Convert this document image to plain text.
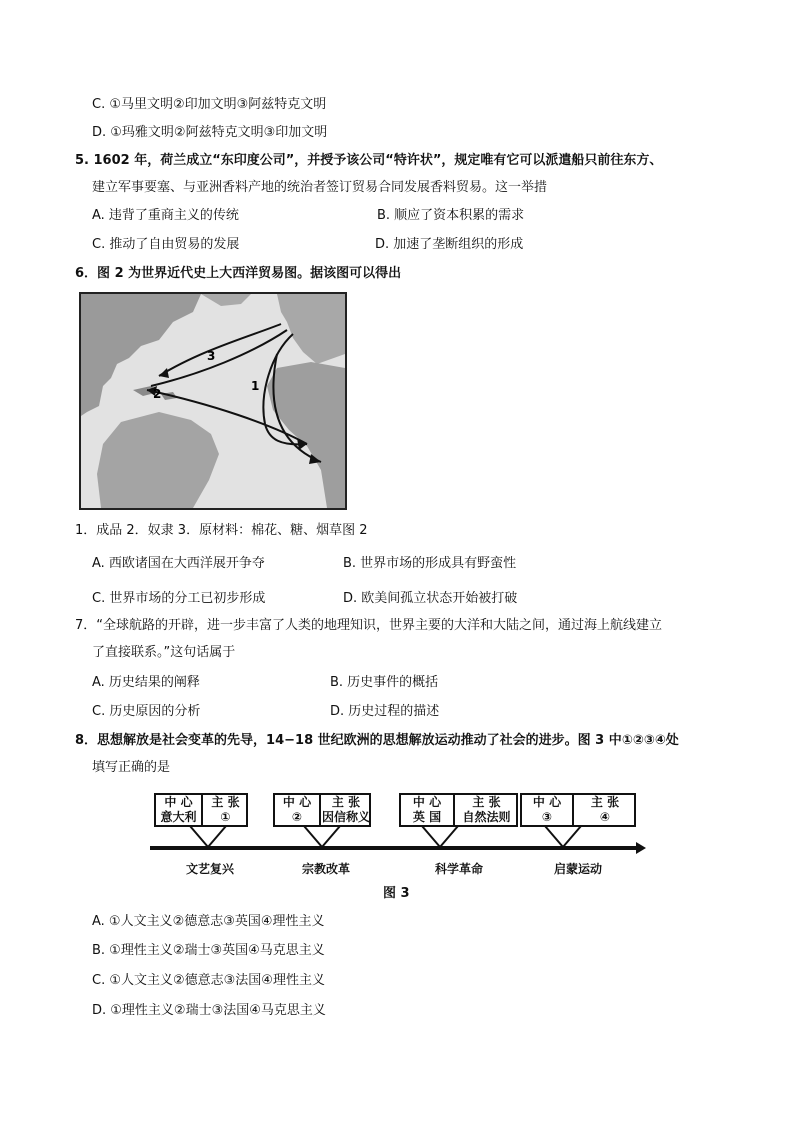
C. ①马里文明②印加文明③阿兹特克文明
D. ①玛雅文明②阿兹特克文明③印加文明
5. 1602 年，荷兰成立“东印度公司”，并授予该公司“特许状”，规定唯有它可以派遣船只前往东方、
建立军事要塞、与亚洲香料产地的统治者签订贸易合同发展香料贸易。这一举措
A. 违背了重商主义的传统	B. 顺应了资本积累的需求
C. 推动了自由贸易的发展	D. 加速了垄断组织的形成
6．图 2 为世界近代史上大西洋贸易图。据该图可以得出
3
1
2
1．成品 2．奴隶 3．原材料：棉花、糖、烟草图 2
A. 西欧诸国在大西洋展开争夺	B. 世界市场的形成具有野蛮性
C. 世界市场的分工已初步形成	D. 欧美间孤立状态开始被打破
7．“全球航路的开辟，进一步丰富了人类的地理知识，世界主要的大洋和大陆之间，通过海上航线建立
了直接联系。”这句话属于
A. 历史结果的阐释	B. 历史事件的概括
C. 历史原因的分析	D. 历史过程的描述
8．思想解放是社会变革的先导，14−18 世纪欧洲的思想解放运动推动了社会的进步。图 3 中①②③④处
填写正确的是
中 心
意大利
主 张
①
中 心
②
主 张
因信称义
中 心
英 国
主 张
自然法则
中 心
③
主 张
④
文艺复兴	宗教改革	科学革命	启蒙运动
图 3
A. ①人文主义②德意志③英国④理性主义
B. ①理性主义②瑞士③英国④马克思主义
C. ①人文主义②德意志③法国④理性主义
D. ①理性主义②瑞士③法国④马克思主义
